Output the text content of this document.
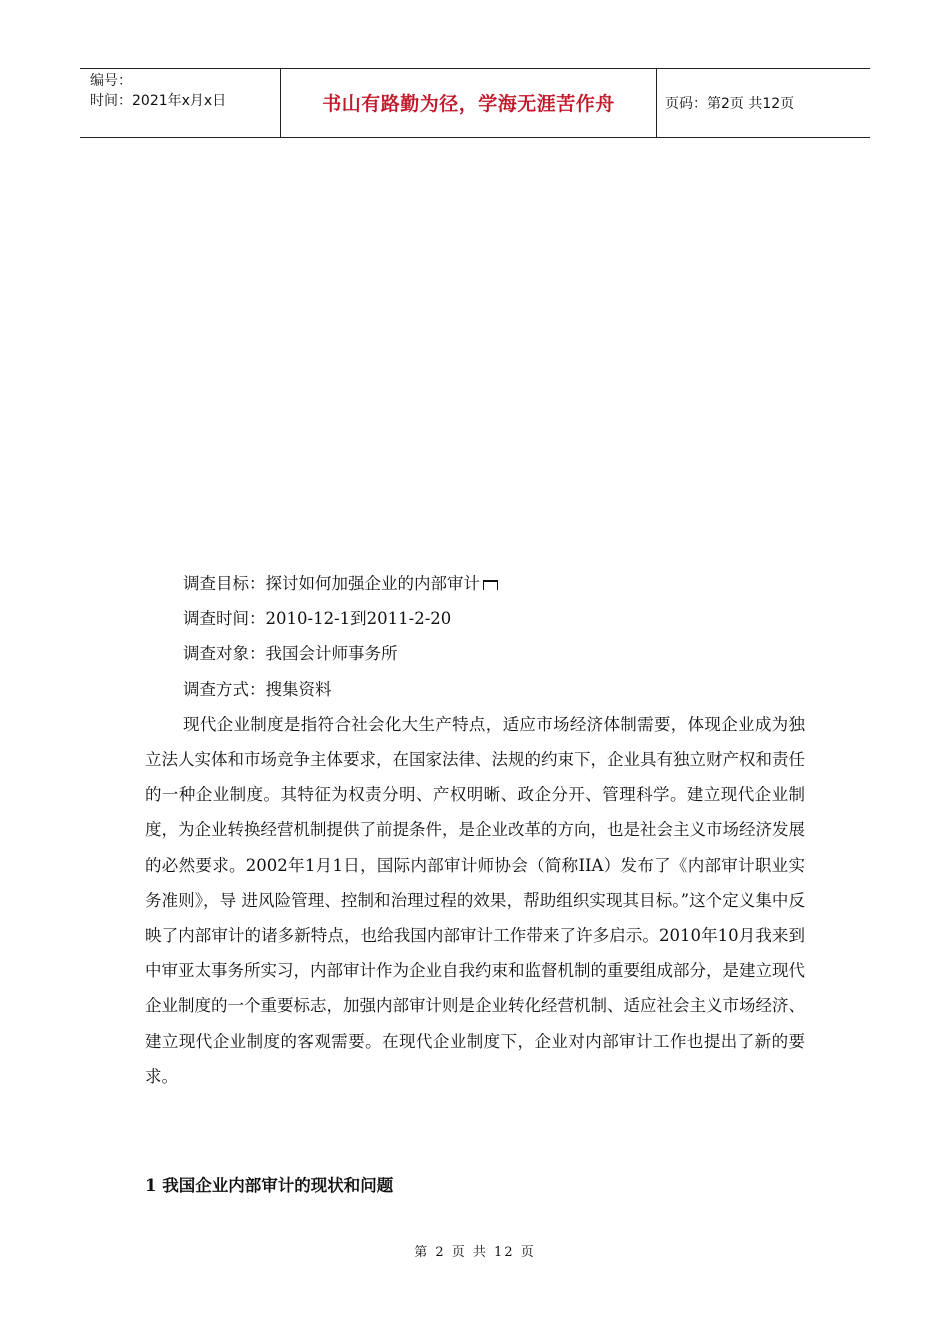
编号：
时间：2021年x月x日	书山有路勤为径，学海无涯苦作舟	页码：第2页 共12页

调查目标：探讨如何加强企业的内部审计

调查时间：2010-12-1到2011-2-20

调查对象：我国会计师事务所

调查方式：搜集资料

现代企业制度是指符合社会化大生产特点，适应市场经济体制需要，体现企业成为独立法人实体和市场竞争主体要求，在国家法律、法规的约束下，企业具有独立财产权和责任的一种企业制度。其特征为权责分明、产权明晰、政企分开、管理科学。建立现代企业制度，为企业转换经营机制提供了前提条件，是企业改革的方向，也是社会主义市场经济发展的必然要求。2002年1月1日，国际内部审计师协会（简称IIA）发布了《内部审计职业实务准则》，导 进风险管理、控制和治理过程的效果，帮助组织实现其目标。”这个定义集中反映了内部审计的诸多新特点，也给我国内部审计工作带来了许多启示。2010年10月我来到中审亚太事务所实习，内部审计作为企业自我约束和监督机制的重要组成部分，是建立现代企业制度的一个重要标志，加强内部审计则是企业转化经营机制、适应社会主义市场经济、建立现代企业制度的客观需要。在现代企业制度下，企业对内部审计工作也提出了新的要求。

1 我国企业内部审计的现状和问题
第 2 页 共 12 页
